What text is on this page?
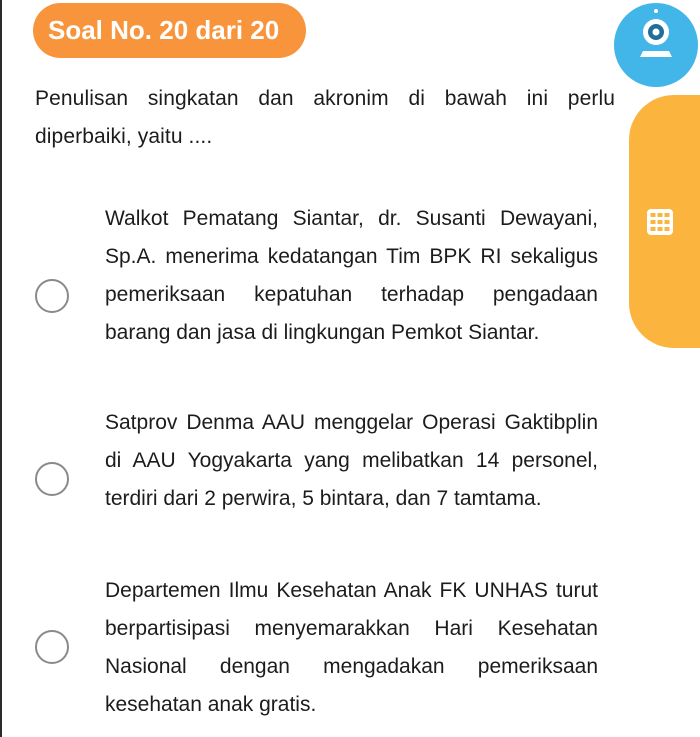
Soal No. 20 dari 20
Penulisan singkatan dan akronim di bawah ini perlu diperbaiki, yaitu ....
Walkot Pematang Siantar, dr. Susanti Dewayani, Sp.A. menerima kedatangan Tim BPK RI sekaligus pemeriksaan kepatuhan terhadap pengadaan barang dan jasa di lingkungan Pemkot Siantar.
Satprov Denma AAU menggelar Operasi Gaktibplin di AAU Yogyakarta yang melibatkan 14 personel, terdiri dari 2 perwira, 5 bintara, dan 7 tamtama.
Departemen Ilmu Kesehatan Anak FK UNHAS turut berpartisipasi menyemarakkan Hari Kesehatan Nasional dengan mengadakan pemeriksaan kesehatan anak gratis.
